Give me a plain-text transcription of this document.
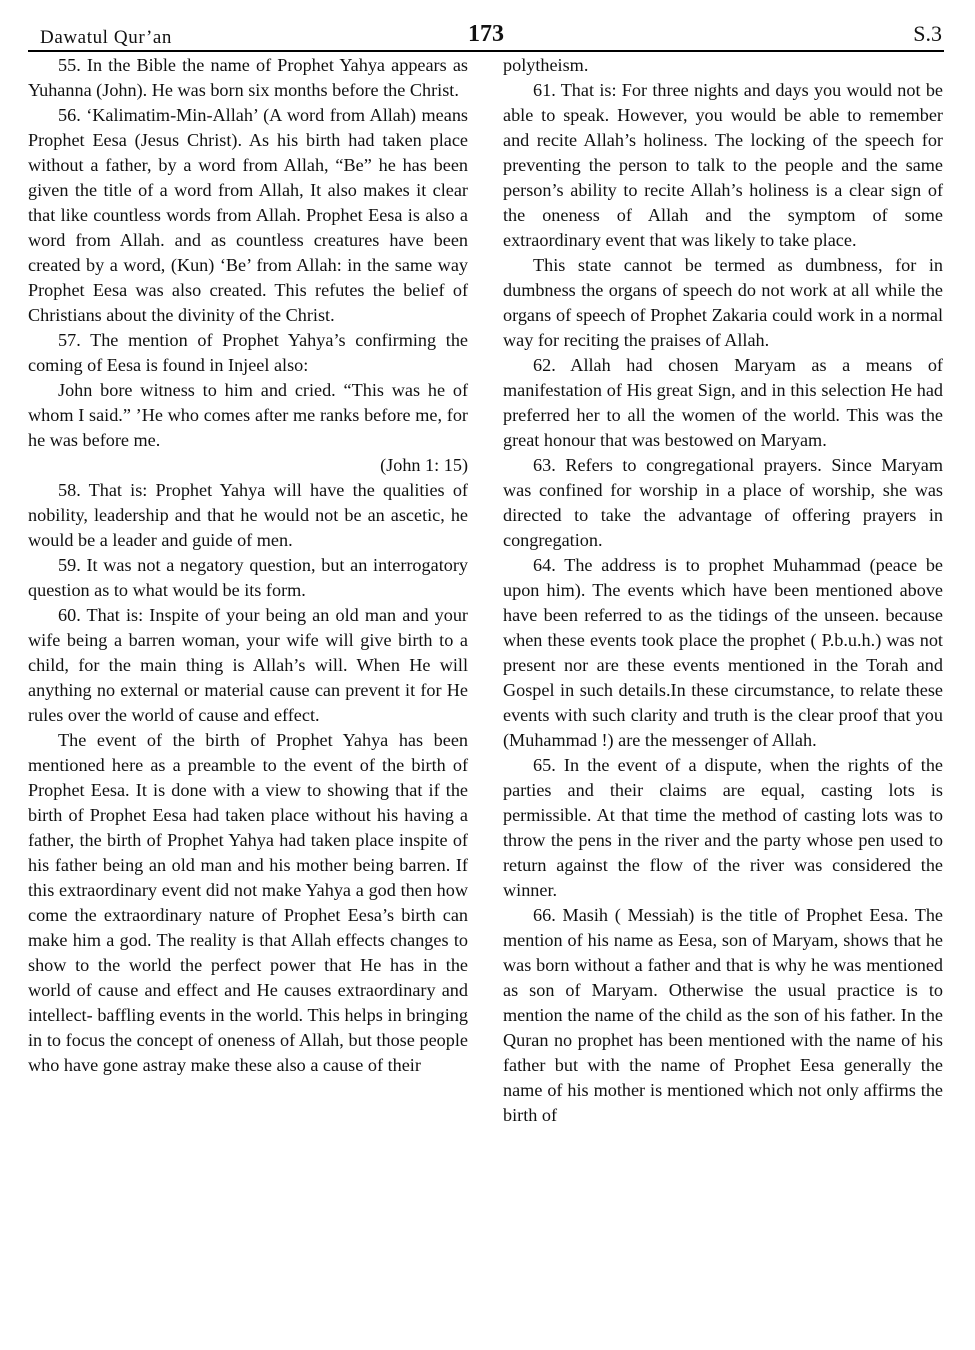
Dawatul Qur’an	173	S.3

55. In the Bible the name of Prophet Yahya appears as Yuhanna (John). He was born six months before the Christ.

56. ‘Kalimatim-Min-Allah’ (A word from Allah) means Prophet Eesa (Jesus Christ). As his birth had taken place without a father, by a word from Allah, “Be” he has been given the title of a word from Allah, It also makes it clear that like countless words from Allah. Prophet Eesa is also a word from Allah. and as countless creatures have been created by a word, (Kun) ‘Be’ from Allah: in the same way Prophet Eesa was also created. This refutes the belief of Christians about the divinity of the Christ.

57. The mention of Prophet Yahya’s confirming the coming of Eesa is found in Injeel also:

John bore witness to him and cried. “This was he of whom I said.” ’He who comes after me ranks before me, for he was before me.

(John 1: 15)

58. That is: Prophet Yahya will have the qualities of nobility, leadership and that he would not be an ascetic, he would be a leader and guide of men.

59. It was not a negatory question, but an interrogatory question as to what would be its form.

60. That is: Inspite of your being an old man and your wife being a barren woman, your wife will give birth to a child, for the main thing is Allah’s will. When He will anything no external or material cause can prevent it for He rules over the world of cause and effect.

The event of the birth of Prophet Yahya has been mentioned here as a preamble to the event of the birth of Prophet Eesa. It is done with a view to showing that if the birth of Prophet Eesa had taken place without his having a father, the birth of Prophet Yahya had taken place inspite of his father being an old man and his mother being barren. If this extraordinary event did not make Yahya a god then how come the extraordinary nature of Prophet Eesa’s birth can make him a god. The reality is that Allah effects changes to show to the world the perfect power that He has in the world of cause and effect and He causes extraordinary and intellect- baffling events in the world. This helps in bringing in to focus the concept of oneness of Allah, but those people who have gone astray make these also a cause of their

polytheism.

61. That is: For three nights and days you would not be able to speak. However, you would be able to remember and recite Allah’s holiness. The locking of the speech for preventing the person to talk to the people and the same person’s ability to recite Allah’s holiness is a clear sign of the oneness of Allah and the symptom of some extraordinary event that was likely to take place.

This state cannot be termed as dumbness, for in dumbness the organs of speech do not work at all while the organs of speech of Prophet Zakaria could work in a normal way for reciting the praises of Allah.

62. Allah had chosen Maryam as a means of manifestation of His great Sign, and in this selection He had preferred her to all the women of the world. This was the great honour that was bestowed on Maryam.

63. Refers to congregational prayers. Since Maryam was confined for worship in a place of worship, she was directed to take the advantage of offering prayers in congregation.

64. The address is to prophet Muhammad (peace be upon him). The events which have been mentioned above have been referred to as the tidings of the unseen. because when these events took place the prophet ( P.b.u.h.) was not present nor are these events mentioned in the Torah and Gospel in such details.In these circumstance, to relate these events with such clarity and truth is the clear proof that you (Muhammad !) are the messenger of Allah.

65. In the event of a dispute, when the rights of the parties and their claims are equal, casting lots is permissible. At that time the method of casting lots was to throw the pens in the river and the party whose pen used to return against the flow of the river was considered the winner.

66. Masih ( Messiah) is the title of Prophet Eesa. The mention of his name as Eesa, son of Maryam, shows that he was born without a father and that is why he was mentioned as son of Maryam. Otherwise the usual practice is to mention the name of the child as the son of his father. In the Quran no prophet has been mentioned with the name of his father but with the name of Prophet Eesa generally the name of his mother is mentioned which not only affirms the birth of
